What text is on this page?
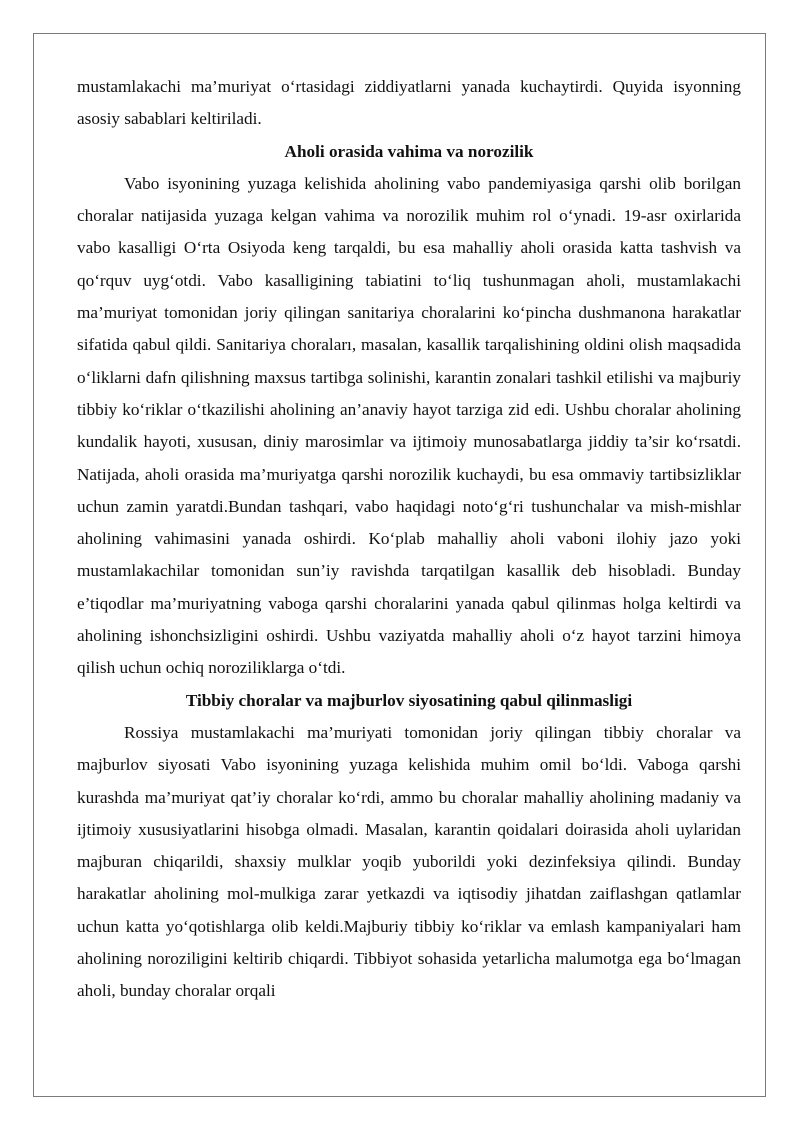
mustamlakachi ma’muriyat o‘rtasidagi ziddiyatlarni yanada kuchaytirdi. Quyida isyonning asosiy sabablari keltiriladi.

Aholi orasida vahima va norozilik

Vabo isyonining yuzaga kelishida aholining vabo pandemiyasiga qarshi olib borilgan choralar natijasida yuzaga kelgan vahima va norozilik muhim rol o‘ynadi. 19-asr oxirlarida vabo kasalligi O‘rta Osiyoda keng tarqaldi, bu esa mahalliy aholi orasida katta tashvish va qo‘rquv uyg‘otdi. Vabo kasalligining tabiatini to‘liq tushunmagan aholi, mustamlakachi ma’muriyat tomonidan joriy qilingan sanitariya choralarini ko‘pincha dushmanona harakatlar sifatida qabul qildi. Sanitariya choraları, masalan, kasallik tarqalishining oldini olish maqsadida o‘liklarni dafn qilishning maxsus tartibga solinishi, karantin zonalari tashkil etilishi va majburiy tibbiy ko‘riklar o‘tkazilishi aholining an’anaviy hayot tarziga zid edi. Ushbu choralar aholining kundalik hayoti, xususan, diniy marosimlar va ijtimoiy munosabatlarga jiddiy ta’sir ko‘rsatdi. Natijada, aholi orasida ma’muriyatga qarshi norozilik kuchaydi, bu esa ommaviy tartibsizliklar uchun zamin yaratdi.Bundan tashqari, vabo haqidagi noto‘g‘ri tushunchalar va mish-mishlar aholining vahimasini yanada oshirdi. Ko‘plab mahalliy aholi vaboni ilohiy jazo yoki mustamlakachilar tomonidan sun’iy ravishda tarqatilgan kasallik deb hisobladi. Bunday e’tiqodlar ma’muriyatning vaboga qarshi choralarini yanada qabul qilinmas holga keltirdi va aholining ishonchsizligini oshirdi. Ushbu vaziyatda mahalliy aholi o‘z hayot tarzini himoya qilish uchun ochiq noroziliklarga o‘tdi.

Tibbiy choralar va majburlov siyosatining qabul qilinmasligi

Rossiya mustamlakachi ma’muriyati tomonidan joriy qilingan tibbiy choralar va majburlov siyosati Vabo isyonining yuzaga kelishida muhim omil bo‘ldi. Vaboga qarshi kurashda ma’muriyat qat’iy choralar ko‘rdi, ammo bu choralar mahalliy aholining madaniy va ijtimoiy xususiyatlarini hisobga olmadi. Masalan, karantin qoidalari doirasida aholi uylaridan majburan chiqarildi, shaxsiy mulklar yoqib yuborildi yoki dezinfeksiya qilindi. Bunday harakatlar aholining mol-mulkiga zarar yetkazdi va iqtisodiy jihatdan zaiflashgan qatlamlar uchun katta yo‘qotishlarga olib keldi.Majburiy tibbiy ko‘riklar va emlash kampaniyalari ham aholining noroziligini keltirib chiqardi. Tibbiyot sohasida yetarlicha malumotga ega bo‘lmagan aholi, bunday choralar orqali
